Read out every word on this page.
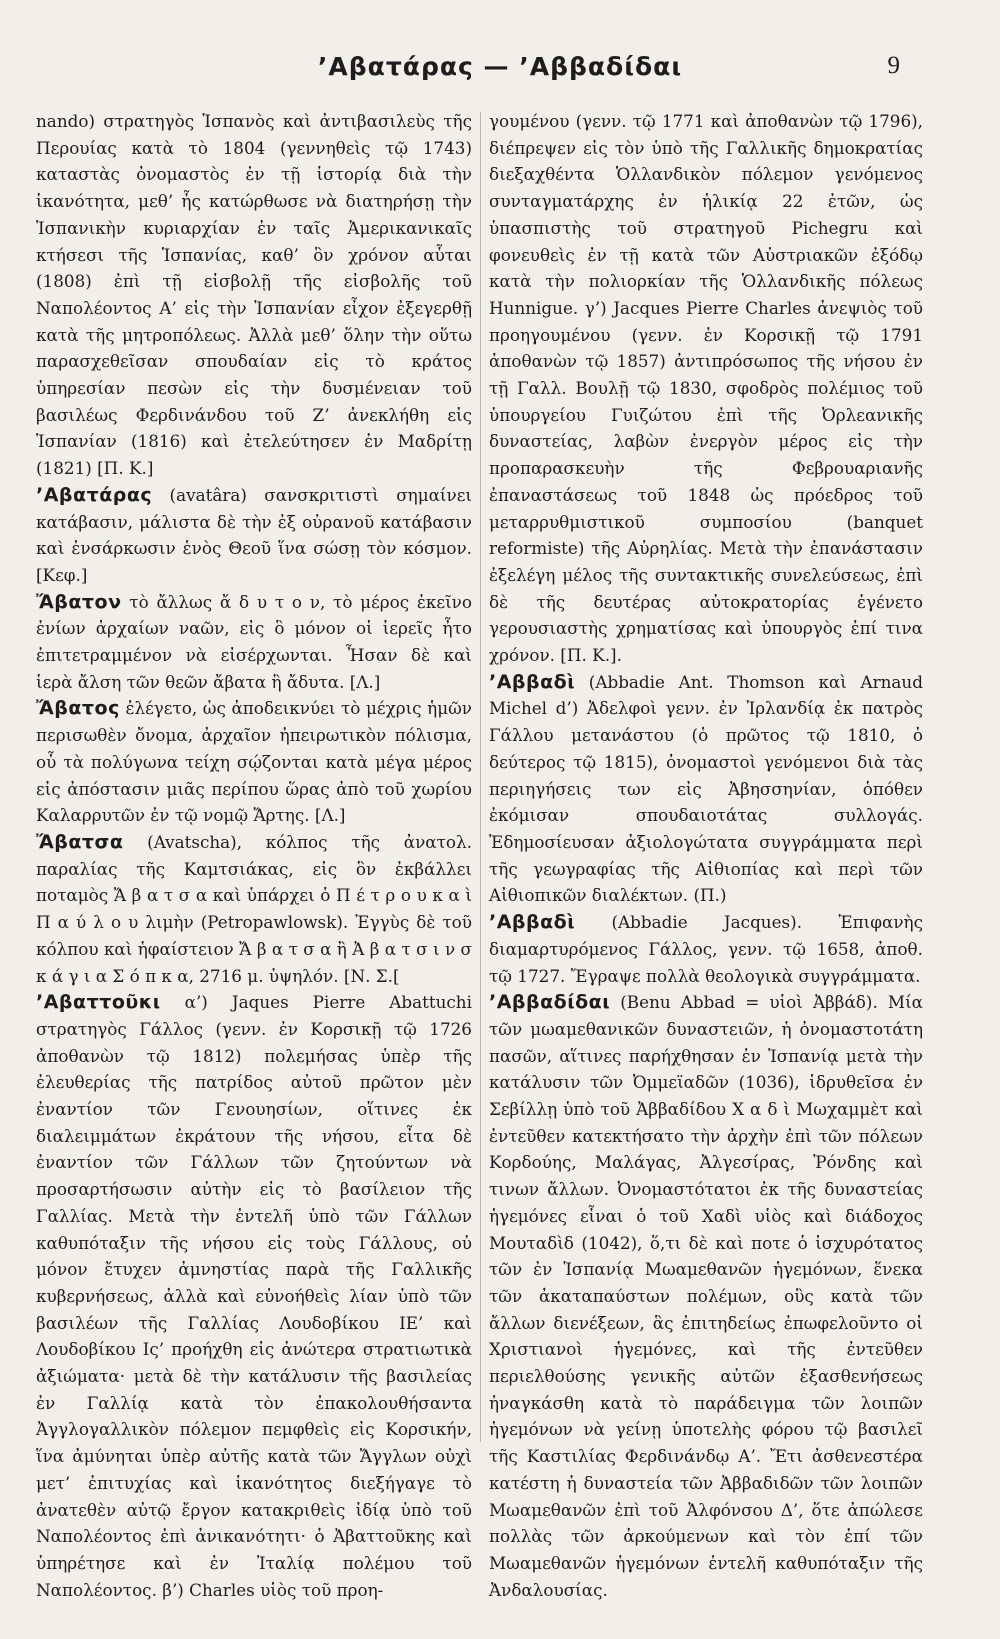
’Αβατάρας — ’Αββαδίδαι	9

nando) στρατηγὸς Ἱσπανὸς καὶ ἀντιβασιλεὺς τῆς Περουίας κατὰ τὸ 1804 (γεννηθεὶς τῷ 1743) καταστὰς ὀνομαστὸς ἐν τῇ ἱστορίᾳ διὰ τὴν ἱκανότητα, μεθ’ ἧς κατώρθωσε νὰ διατηρήσῃ τὴν Ἱσπανικὴν κυριαρχίαν ἐν ταῖς Ἀμερικανικαῖς κτήσεσι τῆς Ἱσπανίας, καθ’ ὃν χρόνον αὗται (1808) ἐπὶ τῇ εἰσβολῇ τῆς εἰσβολῆς τοῦ Ναπολέοντος Α’ εἰς τὴν Ἱσπανίαν εἶχον ἐξεγερθῇ κατὰ τῆς μητροπόλεως. Ἀλλὰ μεθ’ ὅλην τὴν οὕτω παρασχεθεῖσαν σπουδαίαν εἰς τὸ κράτος ὑπηρεσίαν πεσὼν εἰς τὴν δυσμένειαν τοῦ βασιλέως Φερδινάνδου τοῦ Ζ’ ἀνεκλήθη εἰς Ἱσπανίαν (1816) καὶ ἐτελεύτησεν ἐν Μαδρίτῃ (1821) [Π. Κ.]

’Αβατάρας (avatâra) σανσκριτιστὶ σημαίνει κατάβασιν, μάλιστα δὲ τὴν ἐξ οὐρανοῦ κατάβασιν καὶ ἐνσάρκωσιν ἑνὸς Θεοῦ ἵνα σώσῃ τὸν κόσμον. [Κεφ.]

Ἄβατον τὸ ἄλλως ἄ δ υ τ ο ν, τὸ μέρος ἐκεῖνο ἐνίων ἀρχαίων ναῶν, εἰς ὃ μόνον οἱ ἱερεῖς ἦτο ἐπιτετραμμένον νὰ εἰσέρχωνται. Ἦσαν δὲ καὶ ἱερὰ ἄλση τῶν θεῶν ἄβατα ἢ ἄδυτα. [Λ.]

Ἄβατος ἐλέγετο, ὡς ἀποδεικνύει τὸ μέχρις ἡμῶν περισωθὲν ὄνομα, ἀρχαῖον ἠπειρωτικὸν πόλισμα, οὗ τὰ πολύγωνα τείχη σῴζονται κατὰ μέγα μέρος εἰς ἀπόστασιν μιᾶς περίπου ὥρας ἀπὸ τοῦ χωρίου Καλαρρυτῶν ἐν τῷ νομῷ Ἄρτης. [Λ.]

Ἄβατσα (Avatscha), κόλπος τῆς ἀνατολ. παραλίας τῆς Καμτσιάκας, εἰς ὃν ἐκβάλλει ποταμὸς Ἄ β α τ σ α καὶ ὑπάρχει ὁ Π έ τ ρ ο υ κ α ὶ Π α ύ λ ο υ λιμὴν (Petropawlowsk). Ἐγγὺς δὲ τοῦ κόλπου καὶ ἡφαίστειον Ἄ β α τ σ α ἢ Ἀ β α τ σ ι ν σ κ ά γ ι α Σ ό π κ α, 2716 μ. ὑψηλόν. [Ν. Σ.[

’Αβαττοῦκι α’) Jaques Pierre Abattuchi στρατηγὸς Γάλλος (γενν. ἐν Κορσικῇ τῷ 1726 ἀποθανὼν τῷ 1812) πολεμήσας ὑπὲρ τῆς ἐλευθερίας τῆς πατρίδος αὐτοῦ πρῶτον μὲν ἐναντίον τῶν Γενουησίων, οἵτινες ἐκ διαλειμμάτων ἐκράτουν τῆς νήσου, εἶτα δὲ ἐναντίον τῶν Γάλλων τῶν ζητούντων νὰ προσαρτήσωσιν αὐτὴν εἰς τὸ βασίλειον τῆς Γαλλίας. Μετὰ τὴν ἐντελῆ ὑπὸ τῶν Γάλλων καθυπόταξιν τῆς νήσου εἰς τοὺς Γάλλους, οὐ μόνον ἔτυχεν ἀμνηστίας παρὰ τῆς Γαλλικῆς κυβερνήσεως, ἀλλὰ καὶ εὐνοήθεὶς λίαν ὑπὸ τῶν βασιλέων τῆς Γαλλίας Λουδοβίκου ΙΕ’ καὶ Λουδοβίκου Ις’ προήχθη εἰς ἀνώτερα στρατιωτικὰ ἀξιώματα· μετὰ δὲ τὴν κατάλυσιν τῆς βασιλείας ἐν Γαλλίᾳ κατὰ τὸν ἐπακολουθήσαντα Ἀγγλογαλλικὸν πόλεμον πεμφθεὶς εἰς Κορσικήν, ἵνα ἀμύνηται ὑπὲρ αὐτῆς κατὰ τῶν Ἄγγλων οὐχὶ μετ’ ἐπιτυχίας καὶ ἱκανότητος διεξήγαγε τὸ ἀνατεθὲν αὐτῷ ἔργον κατακριθεὶς ἰδίᾳ ὑπὸ τοῦ Ναπολέοντος ἐπὶ ἀνικανότητι· ὁ Ἀβαττοῦκης καὶ ὑπηρέτησε καὶ ἐν Ἰταλίᾳ πολέμου τοῦ Ναπολέοντος. β’) Charles υἱὸς τοῦ προη-

γουμένου (γενν. τῷ 1771 καὶ ἀποθανὼν τῷ 1796), διέπρεψεν εἰς τὸν ὑπὸ τῆς Γαλλικῆς δημοκρατίας διεξαχθέντα Ὁλλανδικὸν πόλεμον γενόμενος συνταγματάρχης ἐν ἡλικίᾳ 22 ἐτῶν, ὡς ὑπασπιστὴς τοῦ στρατηγοῦ Pichegru καὶ φονευθεὶς ἐν τῇ κατὰ τῶν Αὐστριακῶν ἐξόδῳ κατὰ τὴν πολιορκίαν τῆς Ὁλλανδικῆς πόλεως Hunnigue. γ’) Jacques Pierre Charles ἀνεψιὸς τοῦ προηγουμένου (γενν. ἐν Κορσικῇ τῷ 1791 ἀποθανὼν τῷ 1857) ἀντιπρόσωπος τῆς νήσου ἐν τῇ Γαλλ. Βουλῇ τῷ 1830, σφοδρὸς πολέμιος τοῦ ὑπουργείου Γυιζώτου ἐπὶ τῆς Ὀρλεανικῆς δυναστείας, λαβὼν ἐνεργὸν μέρος εἰς τὴν προπαρασκευὴν τῆς Φεβρουαριανῆς ἐπαναστάσεως τοῦ 1848 ὡς πρόεδρος τοῦ μεταρρυθμιστικοῦ συμποσίου (banquet reformiste) τῆς Αὐρηλίας. Μετὰ τὴν ἐπανάστασιν ἐξελέγη μέλος τῆς συντακτικῆς συνελεύσεως, ἐπὶ δὲ τῆς δευτέρας αὐτοκρατορίας ἐγένετο γερουσιαστὴς χρηματίσας καὶ ὑπουργὸς ἐπί τινα χρόνον. [Π. Κ.].

’Αββαδὶ (Abbadie Ant. Thomson καὶ Arnaud Michel d’) Ἀδελφοὶ γενν. ἐν Ἰρλανδίᾳ ἐκ πατρὸς Γάλλου μετανάστου (ὁ πρῶτος τῷ 1810, ὁ δεύτερος τῷ 1815), ὀνομαστοὶ γενόμενοι διὰ τὰς περιηγήσεις των εἰς Ἀβησσηνίαν, ὁπόθεν ἐκόμισαν σπουδαιοτάτας συλλογάς. Ἐδημοσίευσαν ἀξιολογώτατα συγγράμματα περὶ τῆς γεωγραφίας τῆς Αἰθιοπίας καὶ περὶ τῶν Αἰθιοπικῶν διαλέκτων. (Π.)

’Αββαδὶ (Abbadie Jacques). Ἐπιφανὴς διαμαρτυρόμενος Γάλλος, γενν. τῷ 1658, ἀποθ. τῷ 1727. Ἔγραψε πολλὰ θεολογικὰ συγγράμματα.

’Αββαδίδαι (Benu Abbad = υἱοὶ Ἀββάδ). Μία τῶν μωαμεθανικῶν δυναστειῶν, ἡ ὀνομαστοτάτη πασῶν, αἵτινες παρήχθησαν ἐν Ἱσπανίᾳ μετὰ τὴν κατάλυσιν τῶν Ὀμμεϊαδῶν (1036), ἱδρυθεῖσα ἐν Σεβίλλῃ ὑπὸ τοῦ Ἀββαδίδου Χ α δ ὶ Μωχαμμὲτ καὶ ἐντεῦθεν κατεκτήσατο τὴν ἀρχὴν ἐπὶ τῶν πόλεων Κορδούης, Μαλάγας, Ἀλγεσίρας, Ῥόνδης καὶ τινων ἄλλων. Ὀνομαστότατοι ἐκ τῆς δυναστείας ἡγεμόνες εἶναι ὁ τοῦ Χαδὶ υἱὸς καὶ διάδοχος Μουταδὶδ (1042), ὅ,τι δὲ καὶ ποτε ὁ ἰσχυρότατος τῶν ἐν Ἱσπανίᾳ Μωαμεθανῶν ἡγεμόνων, ἕνεκα τῶν ἀκαταπαύστων πολέμων, οὓς κατὰ τῶν ἄλλων διενέξεων, ἃς ἐπιτηδείως ἐπωφελοῦντο οἱ Χριστιανοὶ ἡγεμόνες, καὶ τῆς ἐντεῦθεν περιελθούσης γενικῆς αὐτῶν ἐξασθενήσεως ἠναγκάσθη κατὰ τὸ παράδειγμα τῶν λοιπῶν ἡγεμόνων νὰ γείνῃ ὑποτελὴς φόρου τῷ βασιλεῖ τῆς Καστιλίας Φερδινάνδῳ Α’. Ἔτι ἀσθενεστέρα κατέστη ἡ δυναστεία τῶν Ἀββαδιδῶν τῶν λοιπῶν Μωαμεθανῶν ἐπὶ τοῦ Ἀλφόνσου Δ’, ὅτε ἀπώλεσε πολλὰς τῶν ἀρκούμενων καὶ τὸν ἐπί τῶν Μωαμεθανῶν ἡγεμόνων ἐντελῆ καθυπόταξιν τῆς Ἀνδαλουσίας.
